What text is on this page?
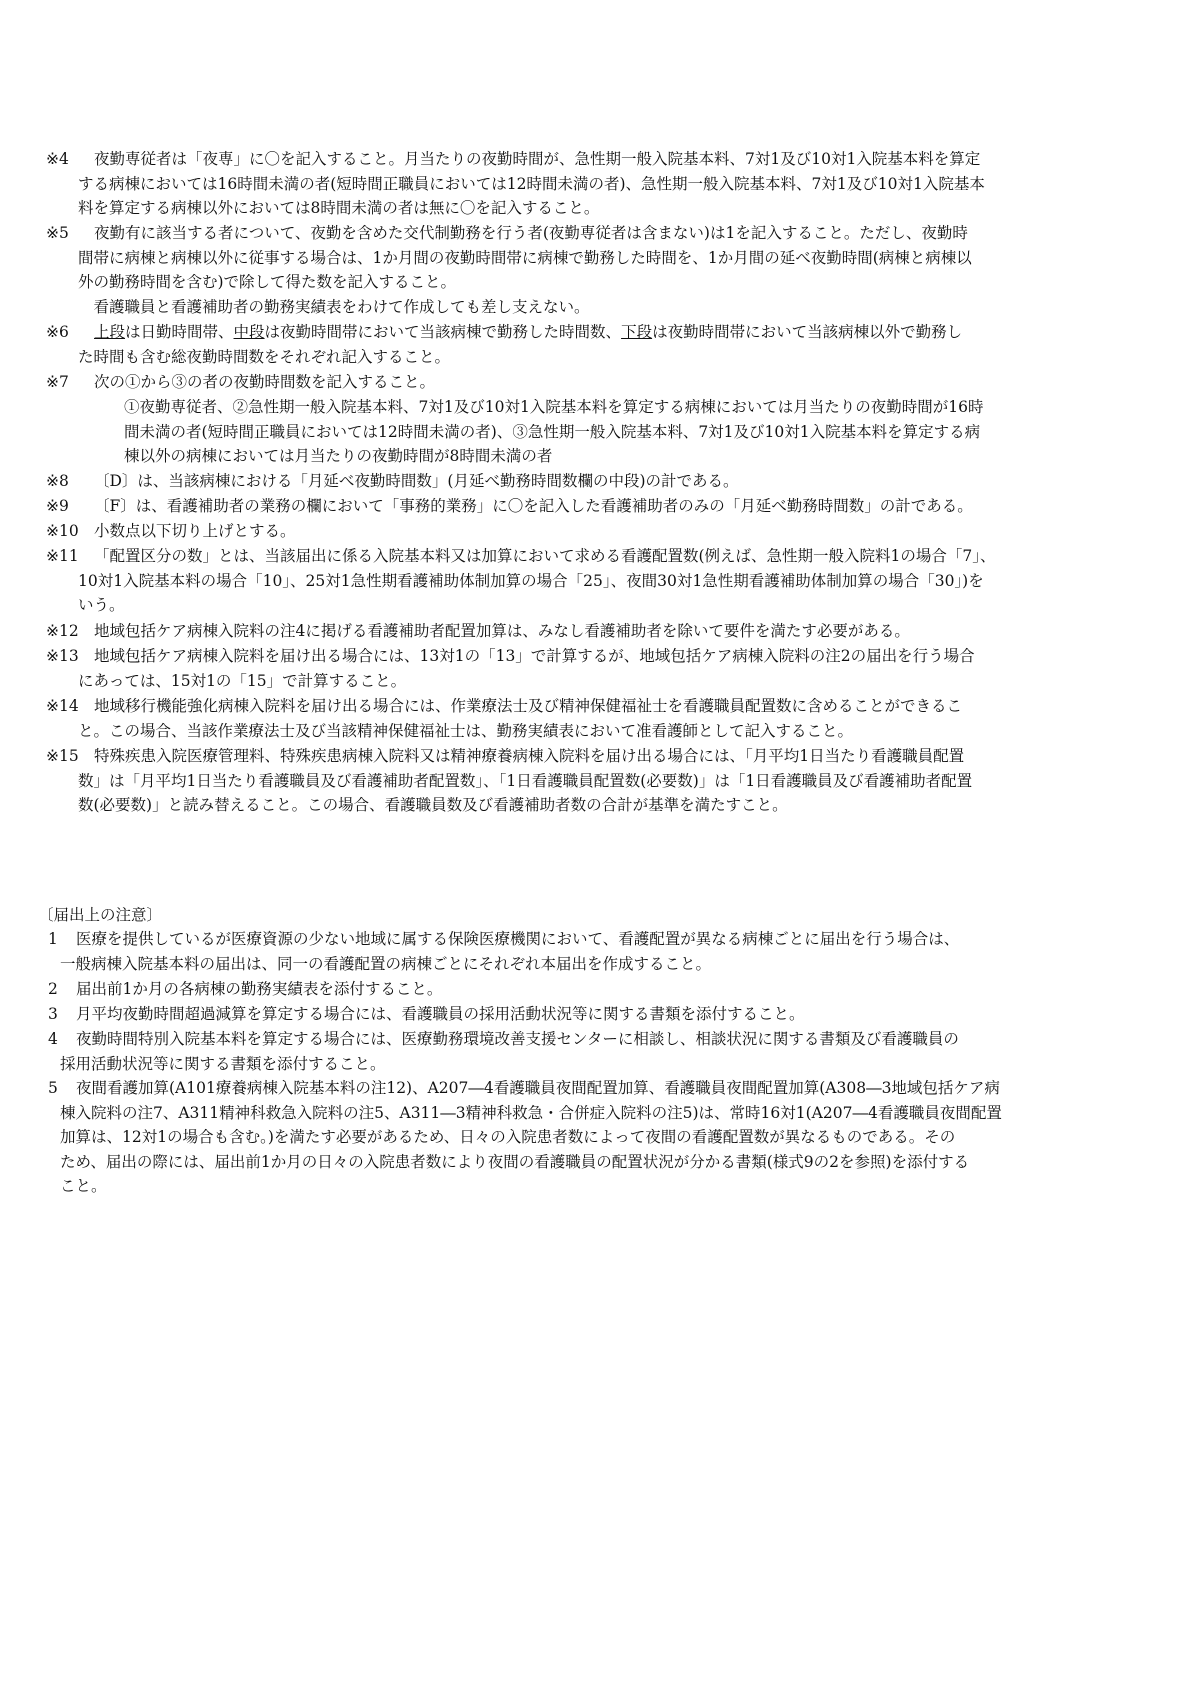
※4 夜勤専従者は「夜専」に〇を記入すること。月当たりの夜勤時間が、急性期一般入院基本料、7対1及び10対1入院基本料を算定
する病棟においては16時間未満の者(短時間正職員においては12時間未満の者)、急性期一般入院基本料、7対1及び10対1入院基本
料を算定する病棟以外においては8時間未満の者は無に〇を記入すること。
※5 夜勤有に該当する者について、夜勤を含めた交代制勤務を行う者(夜勤専従者は含まない)は1を記入すること。ただし、夜勤時
間帯に病棟と病棟以外に従事する場合は、1か月間の夜勤時間帯に病棟で勤務した時間を、1か月間の延べ夜勤時間(病棟と病棟以
外の勤務時間を含む)で除して得た数を記入すること。
　看護職員と看護補助者の勤務実績表をわけて作成しても差し支えない。
※6 上段は日勤時間帯、中段は夜勤時間帯において当該病棟で勤務した時間数、下段は夜勤時間帯において当該病棟以外で勤務し
た時間も含む総夜勤時間数をそれぞれ記入すること。
※7 次の①から③の者の夜勤時間数を記入すること。
①夜勤専従者、②急性期一般入院基本料、7対1及び10対1入院基本料を算定する病棟においては月当たりの夜勤時間が16時
間未満の者(短時間正職員においては12時間未満の者)、③急性期一般入院基本料、7対1及び10対1入院基本料を算定する病
棟以外の病棟においては月当たりの夜勤時間が8時間未満の者
※8 〔D〕は、当該病棟における「月延べ夜勤時間数」(月延べ勤務時間数欄の中段)の計である。
※9 〔F〕は、看護補助者の業務の欄において「事務的業務」に〇を記入した看護補助者のみの「月延べ勤務時間数」の計である。
※10 小数点以下切り上げとする。
※11 「配置区分の数」とは、当該届出に係る入院基本料又は加算において求める看護配置数(例えば、急性期一般入院料1の場合「7」、
10対1入院基本料の場合「10」、25対1急性期看護補助体制加算の場合「25」、夜間30対1急性期看護補助体制加算の場合「30」)を
いう。
※12 地域包括ケア病棟入院料の注4に掲げる看護補助者配置加算は、みなし看護補助者を除いて要件を満たす必要がある。
※13 地域包括ケア病棟入院料を届け出る場合には、13対1の「13」で計算するが、地域包括ケア病棟入院料の注2の届出を行う場合
にあっては、15対1の「15」で計算すること。
※14 地域移行機能強化病棟入院料を届け出る場合には、作業療法士及び精神保健福祉士を看護職員配置数に含めることができるこ
と。この場合、当該作業療法士及び当該精神保健福祉士は、勤務実績表において准看護師として記入すること。
※15 特殊疾患入院医療管理料、特殊疾患病棟入院料又は精神療養病棟入院料を届け出る場合には、「月平均1日当たり看護職員配置
数」は「月平均1日当たり看護職員及び看護補助者配置数」、「1日看護職員配置数(必要数)」は「1日看護職員及び看護補助者配置
数(必要数)」と読み替えること。この場合、看護職員数及び看護補助者数の合計が基準を満たすこと。
〔届出上の注意〕
1 医療を提供しているが医療資源の少ない地域に属する保険医療機関において、看護配置が異なる病棟ごとに届出を行う場合は、
一般病棟入院基本料の届出は、同一の看護配置の病棟ごとにそれぞれ本届出を作成すること。
2 届出前1か月の各病棟の勤務実績表を添付すること。
3 月平均夜勤時間超過減算を算定する場合には、看護職員の採用活動状況等に関する書類を添付すること。
4 夜勤時間特別入院基本料を算定する場合には、医療勤務環境改善支援センターに相談し、相談状況に関する書類及び看護職員の
採用活動状況等に関する書類を添付すること。
5 夜間看護加算(A101療養病棟入院基本料の注12)、A207―4看護職員夜間配置加算、看護職員夜間配置加算(A308―3地域包括ケア病
棟入院料の注7、A311精神科救急入院料の注5、A311―3精神科救急・合併症入院料の注5)は、常時16対1(A207―4看護職員夜間配置
加算は、12対1の場合も含む。)を満たす必要があるため、日々の入院患者数によって夜間の看護配置数が異なるものである。その
ため、届出の際には、届出前1か月の日々の入院患者数により夜間の看護職員の配置状況が分かる書類(様式9の2を参照)を添付する
こと。
